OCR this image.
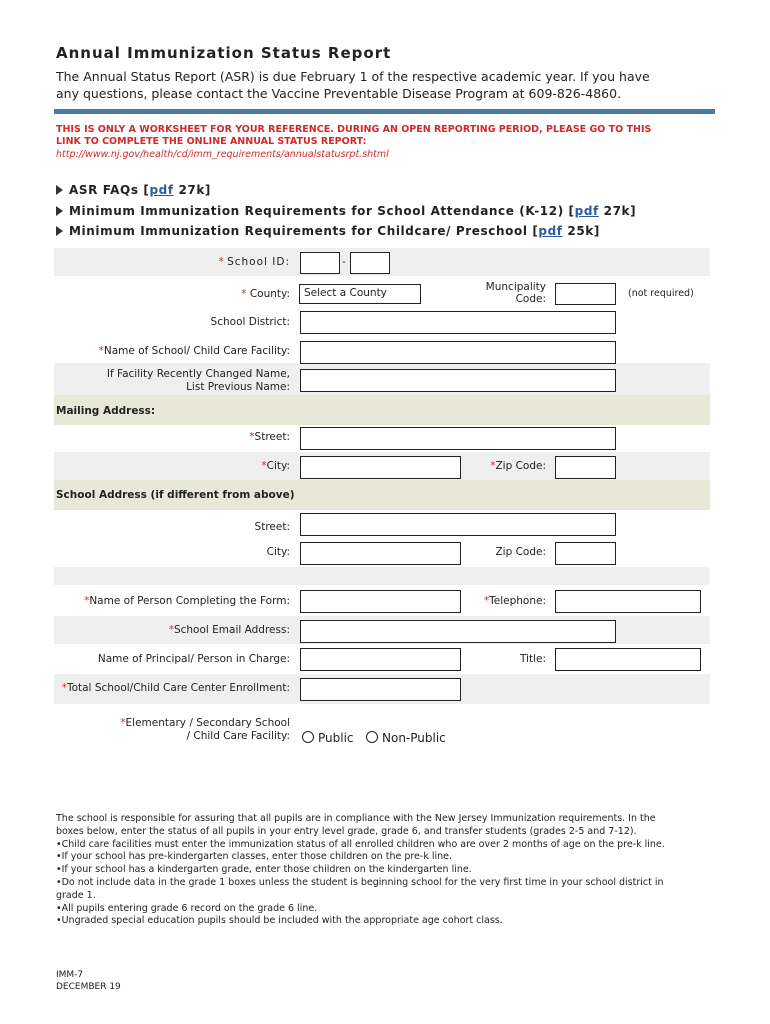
Annual Immunization Status Report
The Annual Status Report (ASR) is due February 1 of the respective academic year. If you have
any questions, please contact the Vaccine Preventable Disease Program at 609-826-4860.
THIS IS ONLY A WORKSHEET FOR YOUR REFERENCE. DURING AN OPEN REPORTING PERIOD, PLEASE GO TO THIS
LINK TO COMPLETE THE ONLINE ANNUAL STATUS REPORT:
http://www.nj.gov/health/cd/imm_requirements/annualstatusrpt.shtml
ASR FAQs [pdf 27k]
Minimum Immunization Requirements for School Attendance (K-12) [pdf 27k]
Minimum Immunization Requirements for Childcare/ Preschool [pdf 25k]
* School ID:	-
* County:	Select a County	Muncipality
Code:	(not required)
School District:
*Name of School/ Child Care Facility:
If Facility Recently Changed Name,
List Previous Name:
Mailing Address:
*Street:
*City:	*Zip Code:
School Address (if different from above)
Street:
City:	Zip Code:
*Name of Person Completing the Form:	*Telephone:
*School Email Address:
Name of Principal/ Person in Charge:	Title:
*Total School/Child Care Center Enrollment:
*Elementary / Secondary School
/ Child Care Facility:	Public	Non-Public

The school is responsible for assuring that all pupils are in compliance with the New Jersey Immunization requirements. In the

boxes below, enter the status of all pupils in your entry level grade, grade 6, and transfer students (grades 2-5 and 7-12).

•Child care facilities must enter the immunization status of all enrolled children who are over 2 months of age on the pre-k line.

•If your school has pre-kindergarten classes, enter those children on the pre-k line.

•If your school has a kindergarten grade, enter those children on the kindergarten line.

•Do not include data in the grade 1 boxes unless the student is beginning school for the very first time in your school district in

grade 1.

•All pupils entering grade 6 record on the grade 6 line.

•Ungraded special education pupils should be included with the appropriate age cohort class.

IMM-7
DECEMBER 19
